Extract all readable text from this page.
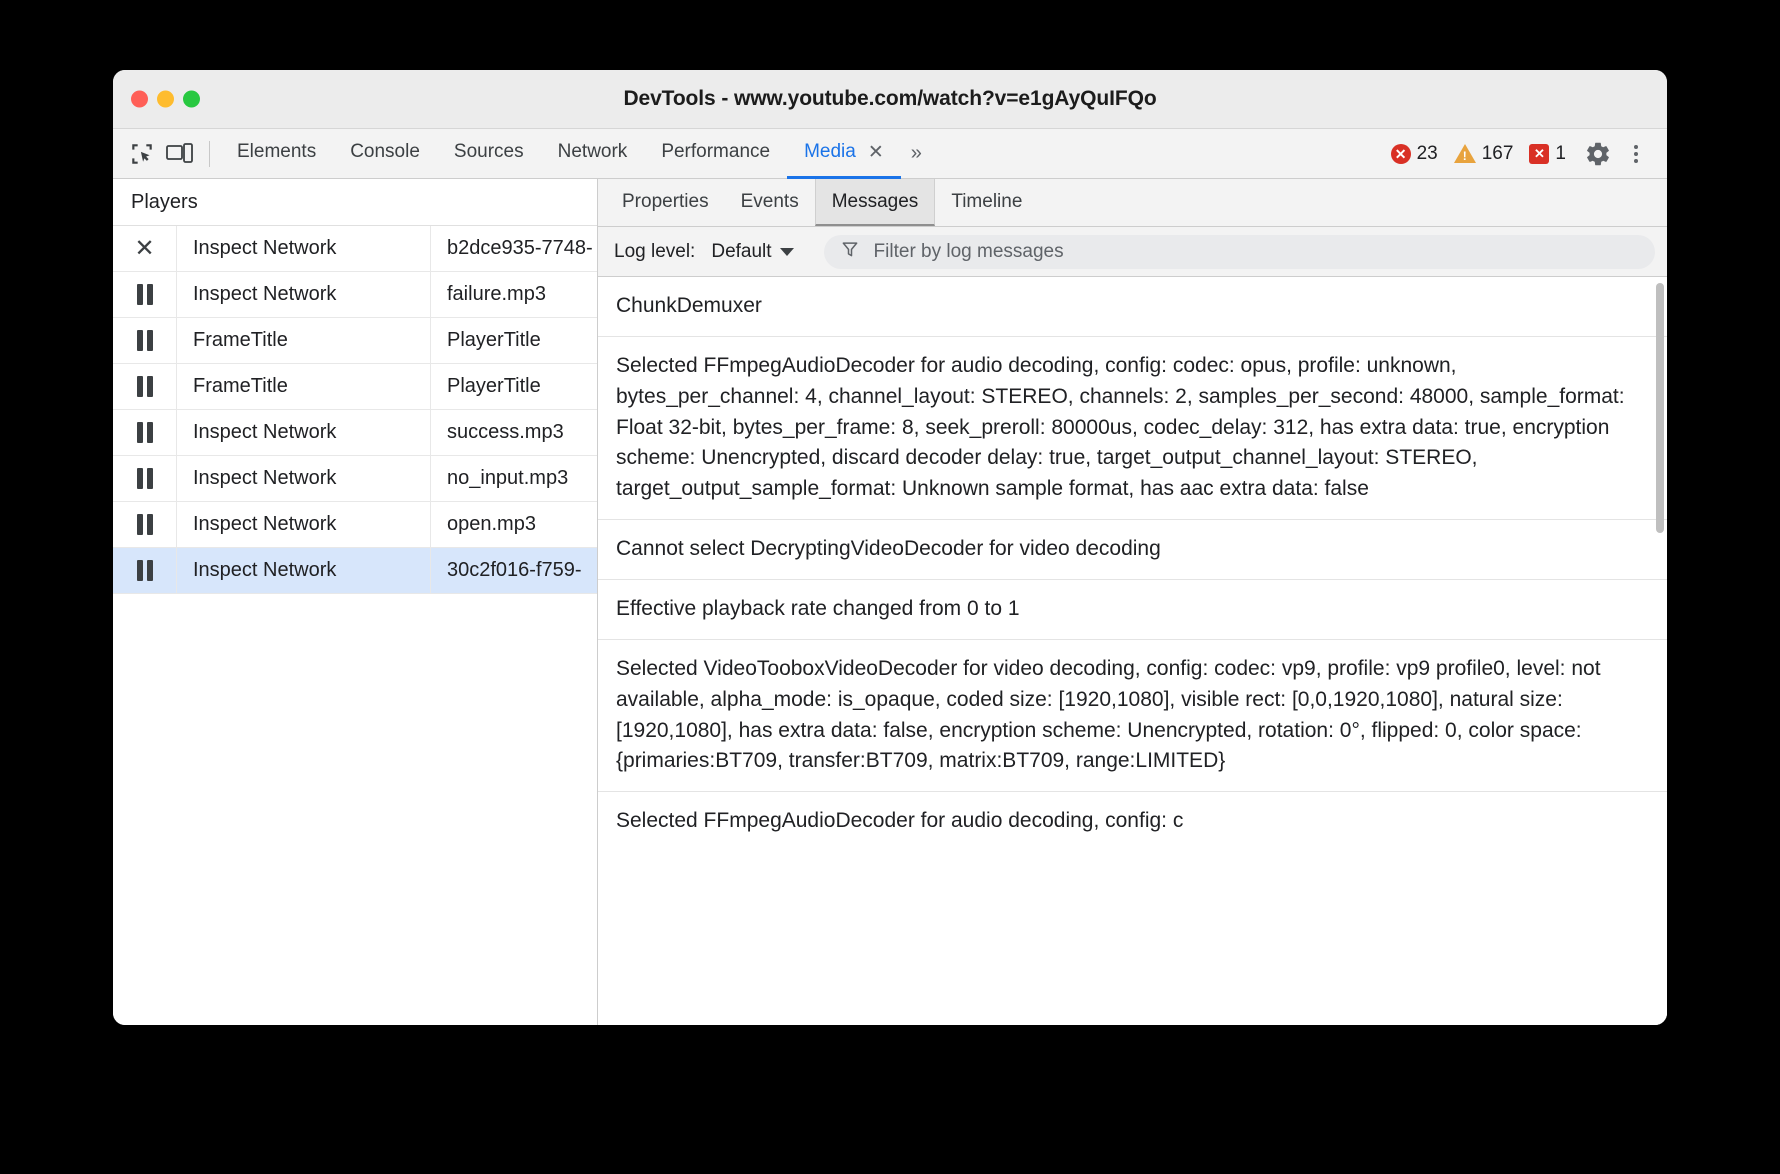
DevTools - www.youtube.com/watch?v=e1gAyQuIFQo
Elements Console Sources Network Performance Media ✕	»	✕ 23 ! 167	✕ 1
Players
✕	Inspect Network	b2dce935-7748-
Inspect Network	failure.mp3
FrameTitle	PlayerTitle
FrameTitle	PlayerTitle
Inspect Network	success.mp3
Inspect Network	no_input.mp3
Inspect Network	open.mp3
Inspect Network	30c2f016-f759-
Properties Events Messages Timeline
Log level: Default
Filter by log messages
ChunkDemuxer
Selected FFmpegAudioDecoder for audio decoding, config: codec: opus, profile: unknown, bytes_per_channel: 4, channel_layout: STEREO, channels: 2, samples_per_second: 48000, sample_format: Float 32-bit, bytes_per_frame: 8, seek_preroll: 80000us, codec_delay: 312, has extra data: true, encryption scheme: Unencrypted, discard decoder delay: true, target_output_channel_layout: STEREO, target_output_sample_format: Unknown sample format, has aac extra data: false
Cannot select DecryptingVideoDecoder for video decoding
Effective playback rate changed from 0 to 1
Selected VideoTooboxVideoDecoder for video decoding, config: codec: vp9, profile: vp9 profile0, level: not available, alpha_mode: is_opaque, coded size: [1920,1080], visible rect: [0,0,1920,1080], natural size: [1920,1080], has extra data: false, encryption scheme: Unencrypted, rotation: 0°, flipped: 0, color space: {primaries:BT709, transfer:BT709, matrix:BT709, range:LIMITED}
Selected FFmpegAudioDecoder for audio decoding, config: c
